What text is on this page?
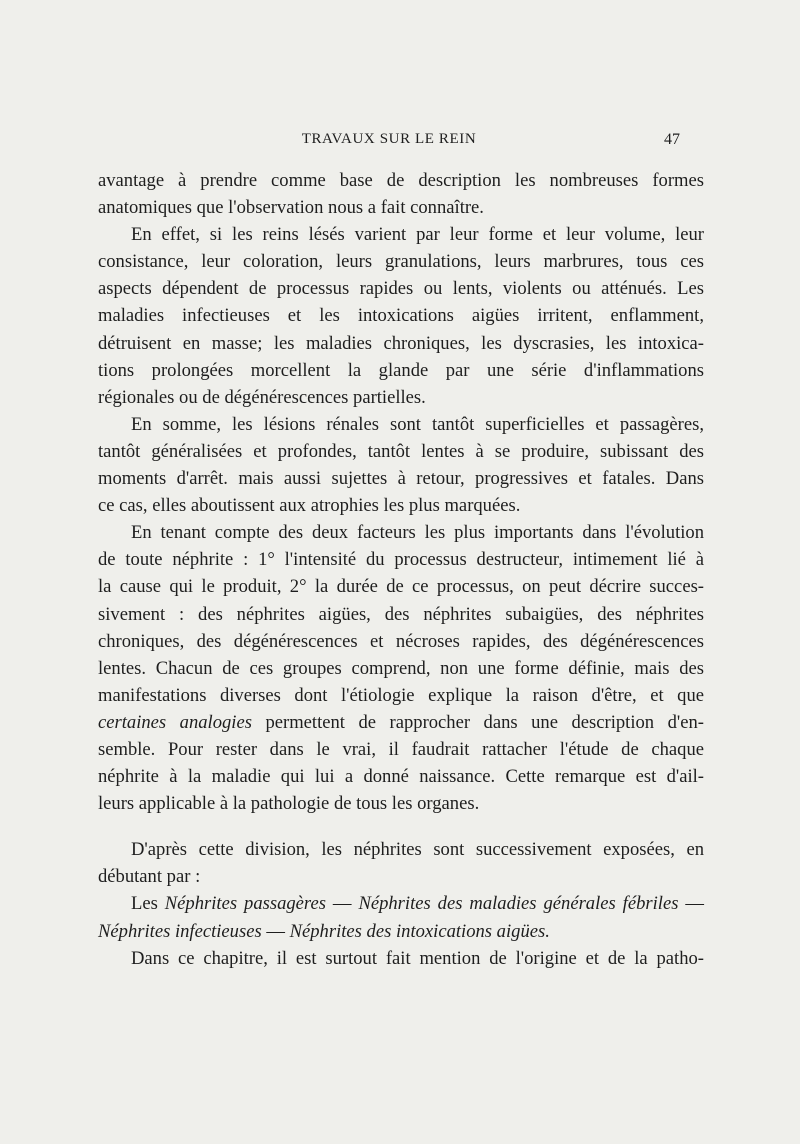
TRAVAUX SUR LE REIN	47
avantage à prendre comme base de description les nombreuses formes
anatomiques que l'observation nous a fait connaître.
En effet, si les reins lésés varient par leur forme et leur volume, leur
consistance, leur coloration, leurs granulations, leurs marbrures, tous ces
aspects dépendent de processus rapides ou lents, violents ou atténués. Les
maladies infectieuses et les intoxications aigües irritent, enflamment,
détruisent en masse; les maladies chroniques, les dyscrasies, les intoxica-
tions prolongées morcellent la glande par une série d'inflammations
régionales ou de dégénérescences partielles.
En somme, les lésions rénales sont tantôt superficielles et passagères,
tantôt généralisées et profondes, tantôt lentes à se produire, subissant des
moments d'arrêt. mais aussi sujettes à retour, progressives et fatales. Dans
ce cas, elles aboutissent aux atrophies les plus marquées.
En tenant compte des deux facteurs les plus importants dans l'évolution
de toute néphrite : 1° l'intensité du processus destructeur, intimement lié à
la cause qui le produit, 2° la durée de ce processus, on peut décrire succes-
sivement : des néphrites aigües, des néphrites subaigües, des néphrites
chroniques, des dégénérescences et nécroses rapides, des dégénérescences
lentes. Chacun de ces groupes comprend, non une forme définie, mais des
manifestations diverses dont l'étiologie explique la raison d'être, et que
certaines analogies permettent de rapprocher dans une description d'en-
semble. Pour rester dans le vrai, il faudrait rattacher l'étude de chaque
néphrite à la maladie qui lui a donné naissance. Cette remarque est d'ail-
leurs applicable à la pathologie de tous les organes.
D'après cette division, les néphrites sont successivement exposées, en
débutant par :
Les Néphrites passagères — Néphrites des maladies générales fébriles —
Néphrites infectieuses — Néphrites des intoxications aigües.
Dans ce chapitre, il est surtout fait mention de l'origine et de la patho-
